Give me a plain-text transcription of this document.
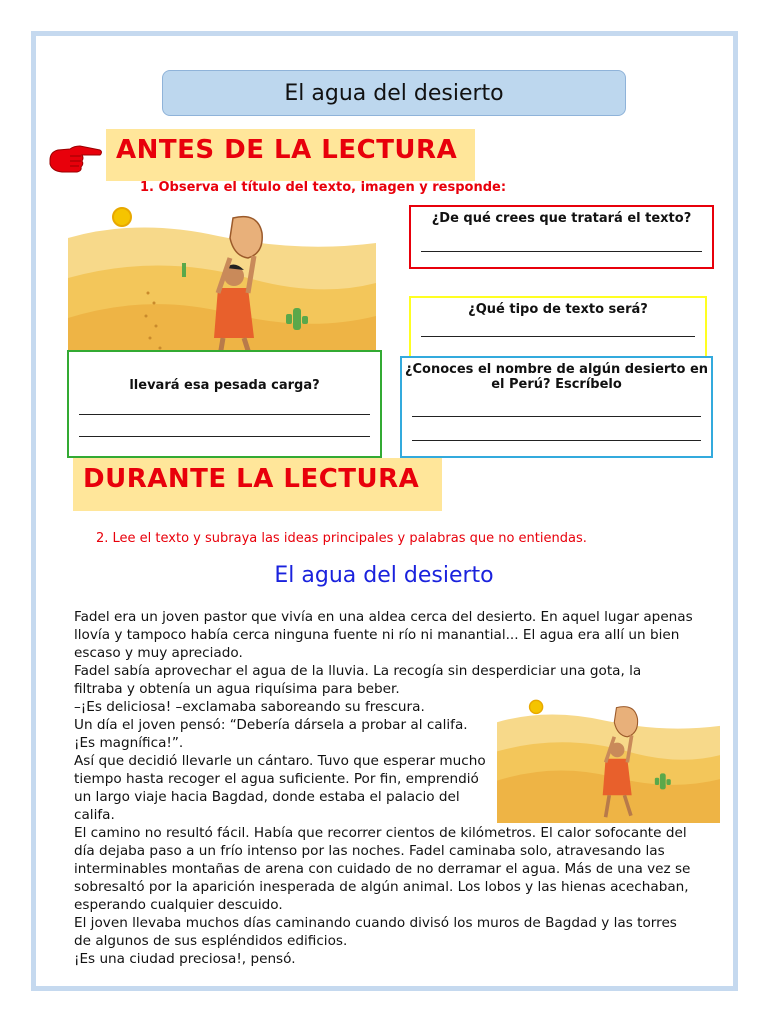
El agua del desierto
ANTES DE LA LECTURA
1. Observa el título del texto, imagen y responde:
¿De qué crees que tratará el texto?
¿Qué tipo de texto será?
¿Conoces el nombre de algún desierto en el Perú? Escríbelo
llevará esa pesada carga?
DURANTE LA LECTURA
2. Lee el texto y subraya las ideas principales y palabras que no entiendas.
El agua del desierto

Fadel era un joven pastor que vivía en una aldea cerca del desierto. En aquel lugar apenas llovía y tampoco había cerca ninguna fuente ni río ni manantial... El agua era allí un bien escaso y muy apreciado.

Fadel sabía aprovechar el agua de la lluvia. La recogía sin desperdiciar una gota, la filtraba y obtenía un agua riquísima para beber.

–¡Es deliciosa! –exclamaba saboreando su frescura.

Un día el joven pensó: “Debería dársela a probar al califa.

¡Es magnífica!”.

Así que decidió llevarle un cántaro. Tuvo que esperar mucho tiempo hasta recoger el agua suficiente. Por fin, emprendió un largo viaje hacia Bagdad, donde estaba el palacio del califa.

El camino no resultó fácil. Había que recorrer cientos de kilómetros. El calor sofocante del día dejaba paso a un frío intenso por las noches. Fadel caminaba solo, atravesando las interminables montañas de arena con cuidado de no derramar el agua. Más de una vez se sobresaltó por la aparición inesperada de algún animal. Los lobos y las hienas acechaban, esperando cualquier descuido.

El joven llevaba muchos días caminando cuando divisó los muros de Bagdad y las torres de algunos de sus espléndidos edificios.

¡Es una ciudad preciosa!, pensó.
